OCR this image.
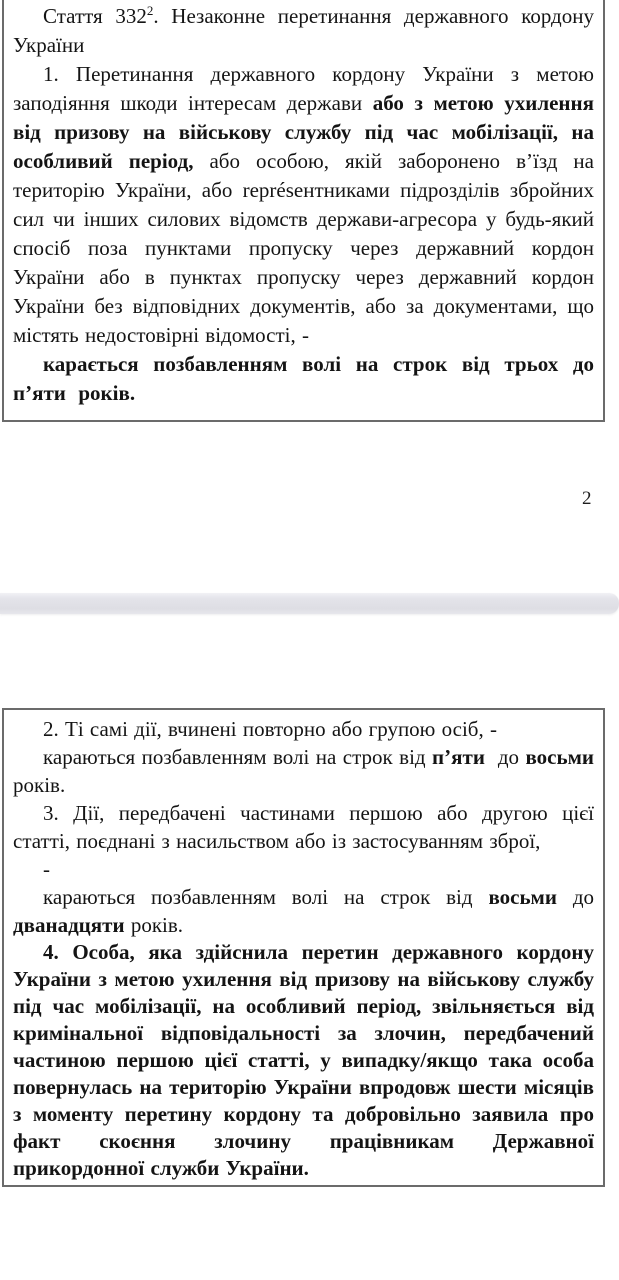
Стаття $332^2$. Незаконне перетинання державного кордону України

1. Перетинання державного кордону України з метою заподіяння шкоди інтересам держави або з метою ухилення від призову на військову службу під час мобілізації, на особливий період, або особою, якій заборонено в’їзд на територію України, або représентниками підрозділів збройних сил чи інших силових відомств держави-агресора у будь-який спосіб поза пунктами пропуску через державний кордон України або в пунктах пропуску через державний кордон України без відповідних документів, або за документами, що містять недостовірні відомості, -

карається позбавленням волі на строк від трьох до п’яти  років.

2

2. Ті самі дії, вчинені повторно або групою осіб, -

караються позбавленням волі на строк від п’яти  до восьми років.

3. Дії, передбачені частинами першою або другою цієї статті, поєднані з насильством або із застосуванням зброї,

-

караються позбавленням волі на строк від восьми до дванадцяти років.

4. Особа, яка здійснила перетин державного кордону України з метою ухилення від призову на військову службу під час мобілізації, на особливий період, звільняється від кримінальної відповідальності за злочин, передбачений частиною першою цієї статті, у випадку/якщо така особа повернулась на територію України впродовж шести місяців з моменту перетину кордону та добровільно заявила про факт скоєння злочину працівникам Державної прикордонної служби України.
